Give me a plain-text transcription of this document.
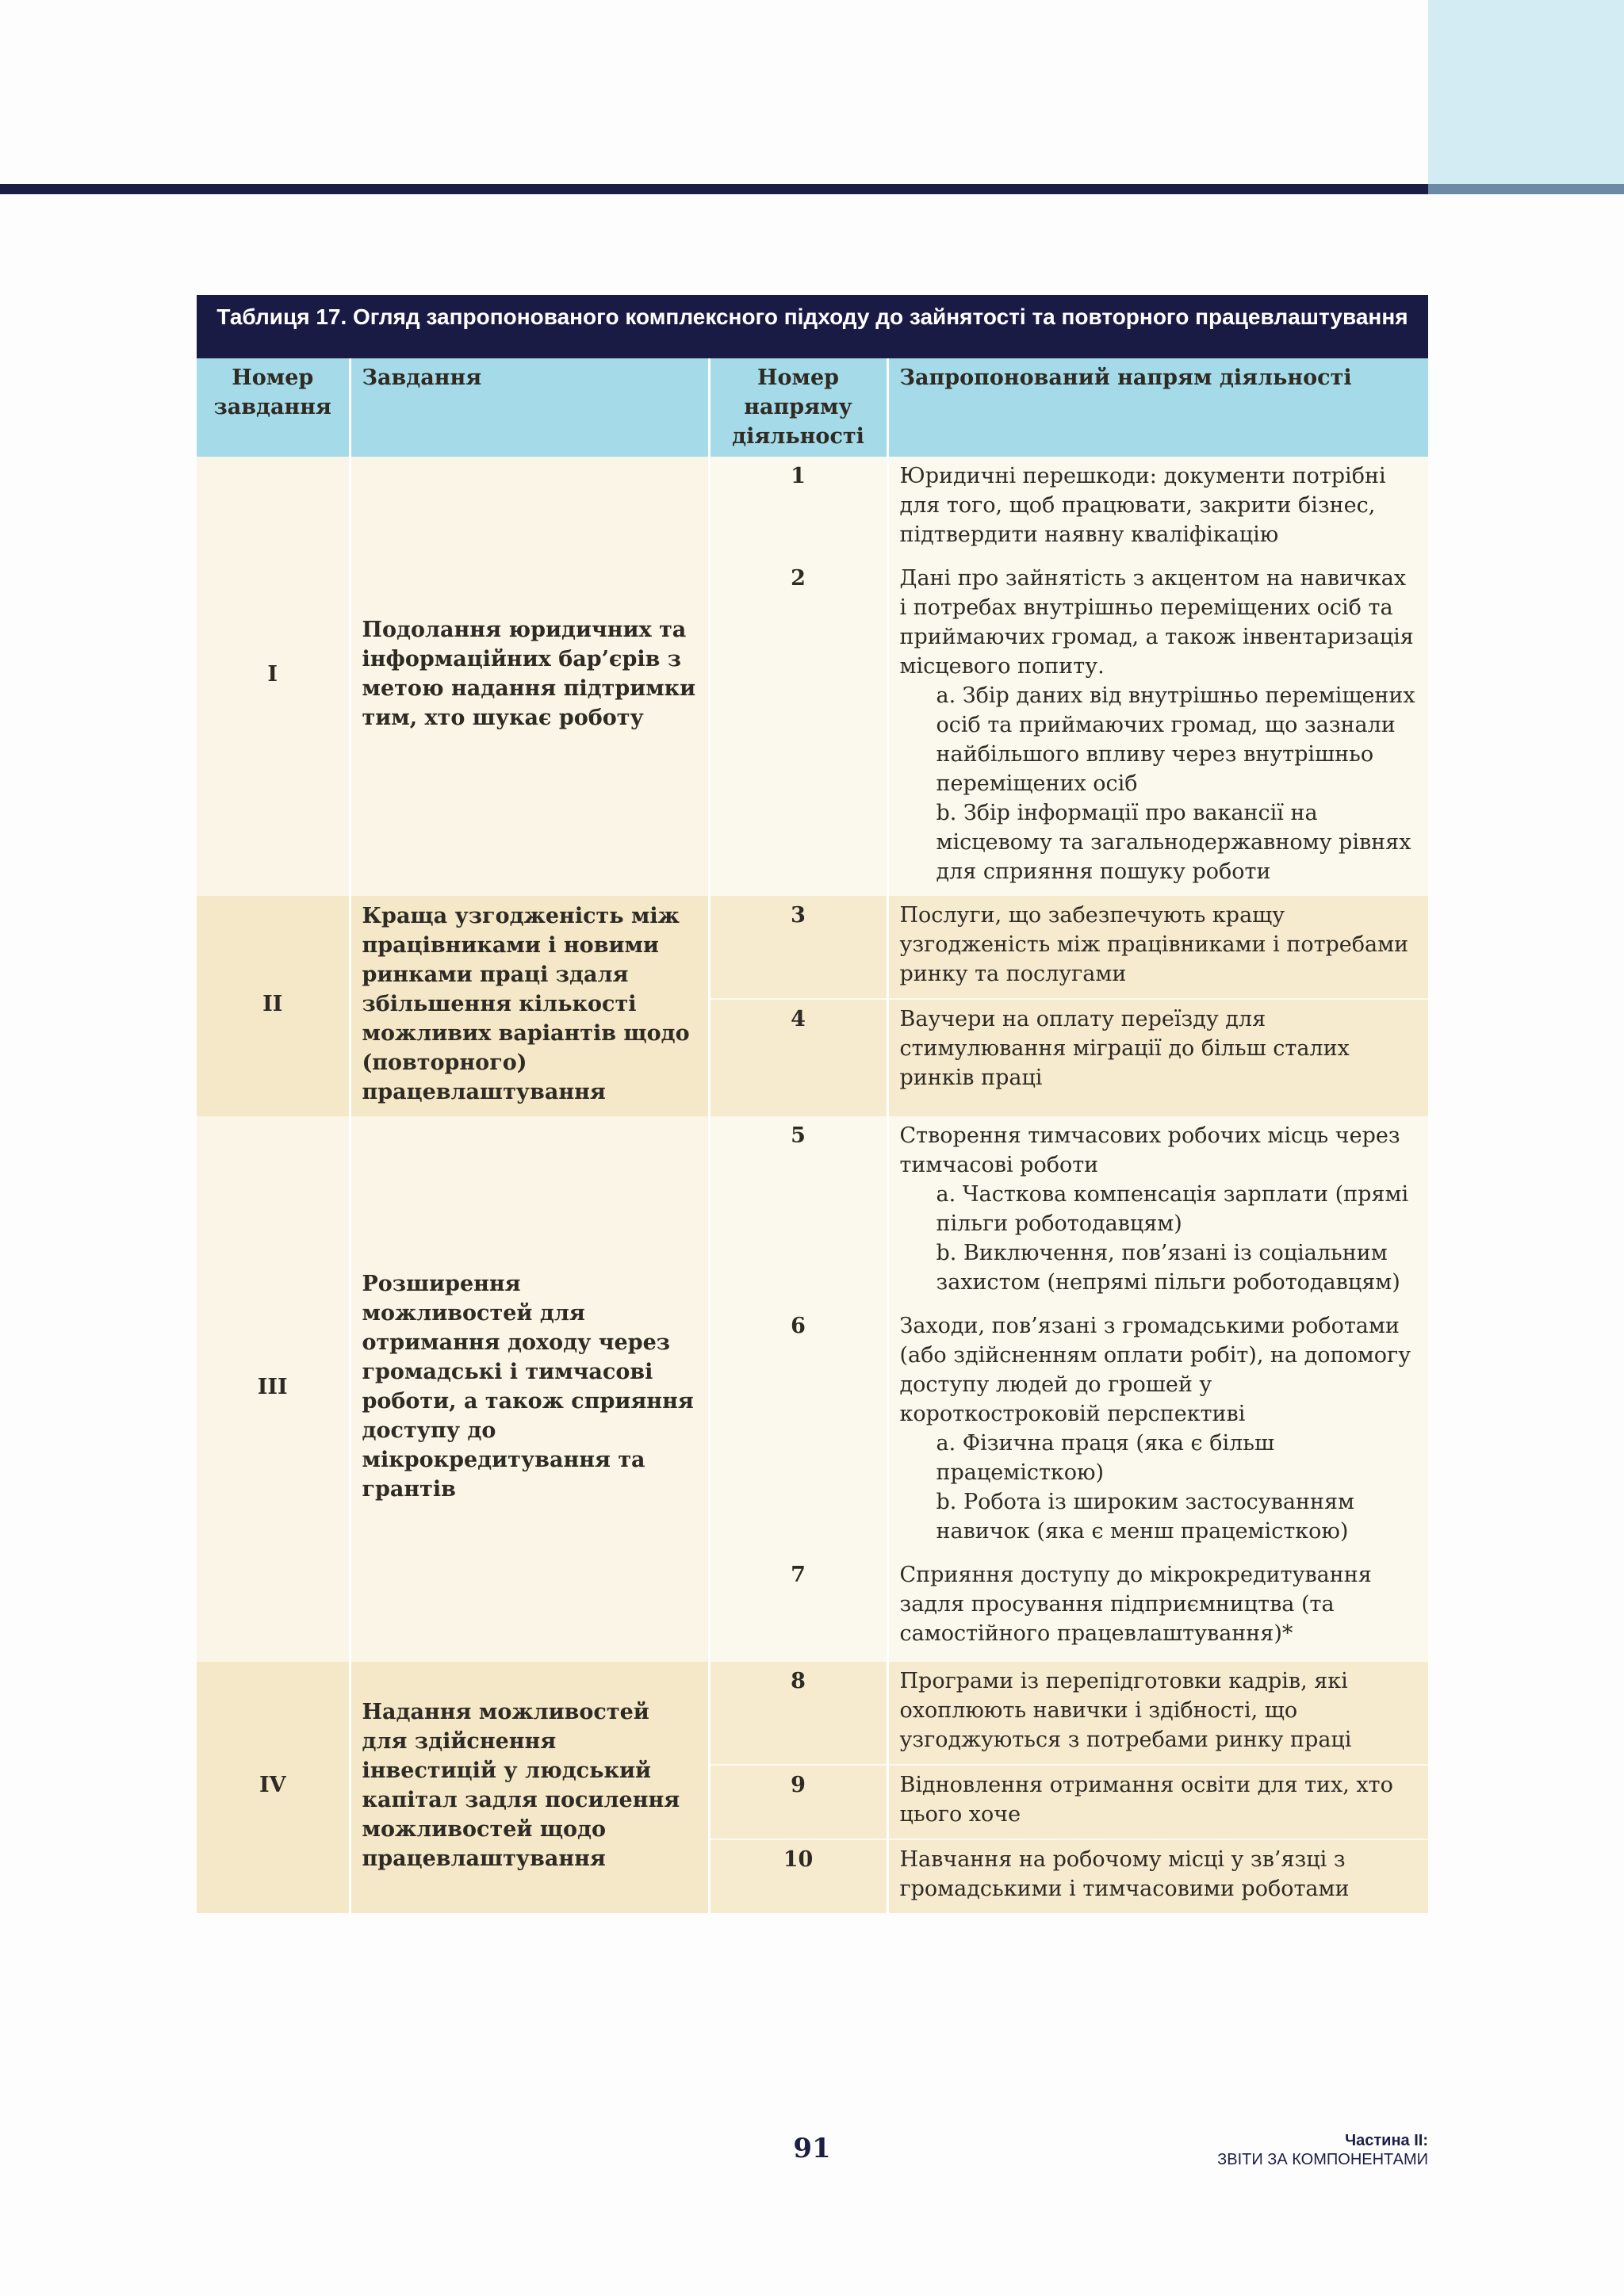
Таблиця 17. Огляд запропонованого комплексного підходу до зайнятості та повторного працевлаштування
Номер завдання	Завдання	Номер напряму діяльності	Запропонований напрям діяльності
I	Подолання юридичних та інформаційних бар’єрів з метою надання підтримки тим, хто шукає роботу	1	Юридичні перешкоди: документи потрібні для того, щоб працювати, закрити бізнес, підтвердити наявну кваліфікацію

		2	Дані про зайнятість з акцентом на навичках і потребах внутрішньо переміщених осіб та приймаючих громад, а також інвентаризація місцевого попиту.
a. Збір даних від внутрішньо переміщених осіб та приймаючих громад, що зазнали найбільшого впливу через внутрішньо переміщених осіб
b. Збір інформації про вакансії на місцевому та загальнодержавному рівнях для сприяння пошуку роботи

II	Краща узгодженість між працівниками і новими ринками праці здаля збільшення кількості можливих варіантів щодо (повторного) працевлаштування	3	Послуги, що забезпечують кращу узгодженість між працівниками і потребами ринку та послугами

		4	Ваучери на оплату переїзду для стимулювання міграції до більш сталих ринків праці

III	Розширення можливостей для отримання доходу через громадські і тимчасові роботи, а також сприяння доступу до мікрокредитування та грантів	5	Створення тимчасових робочих місць через тимчасові роботи
a. Часткова компенсація зарплати (прямі пільги роботодавцям)
b. Виключення, пов’язані із соціальним захистом (непрямі пільги роботодавцям)

		6	Заходи, пов’язані з громадськими роботами (або здійсненням оплати робіт), на допомогу доступу людей до грошей у короткостроковій перспективі
a. Фізична праця (яка є більш працемісткою)
b. Робота із широким застосуванням навичок (яка є менш працемісткою)

		7	Сприяння доступу до мікрокредитування задля просування підприємництва (та самостійного працевлаштування)*

IV	Надання можливостей для здійснення інвестицій у людський капітал задля посилення можливостей щодо працевлаштування	8	Програми із перепідготовки кадрів, які охоплюють навички і здібності, що узгоджуються з потребами ринку праці

		9	Відновлення отримання освіти для тих, хто цього хоче

		10	Навчання на робочому місці у зв’язці з громадськими і тимчасовими роботами
91	Частина II:
ЗВІТИ ЗА КОМПОНЕНТАМИ
